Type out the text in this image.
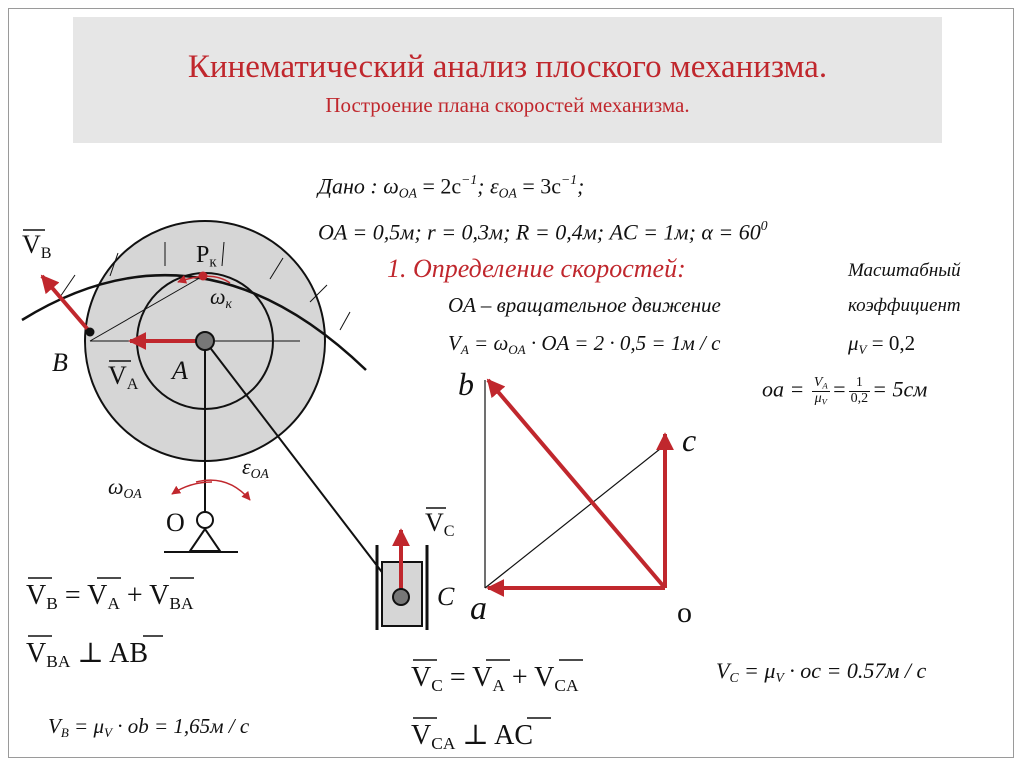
Кинематический анализ плоского механизма.
Построение плана скоростей механизма.
Дано : $\omega_{OA} = 2c^{-1}$; $\varepsilon_{OA} = 3c^{-1}$;
OA = 0,5м; r = 0,3м; R = 0,4м; AC = 1м; $\alpha = 60^0$
1. Определение скоростей:
OA – вращательное движение
$V_A = \omega_{OA}$ · OA = 2 · 0,5 = 1м / c
Масштабный
коэффициент
$\mu_V = 0,2$
oa = $\frac{V_A}{\mu_V} = \frac{1}{0,2} = 5см$
$V_B$	$P_к$
$\omega_к$
B	A
$V_A$
$\varepsilon_{OA}$
$\omega_{OA}$
O	$V_C$
C
b
c
a	o
$V_B = V_A + V_{BA}$
$V_{BA}$ ⊥ AB
$V_B = \mu_V$ · ob = 1,65м / c
$V_C = V_A + V_{CA}$
$V_{CA}$ ⊥ AC
$V_C = \mu_V$ · oc = 0.57м / c
